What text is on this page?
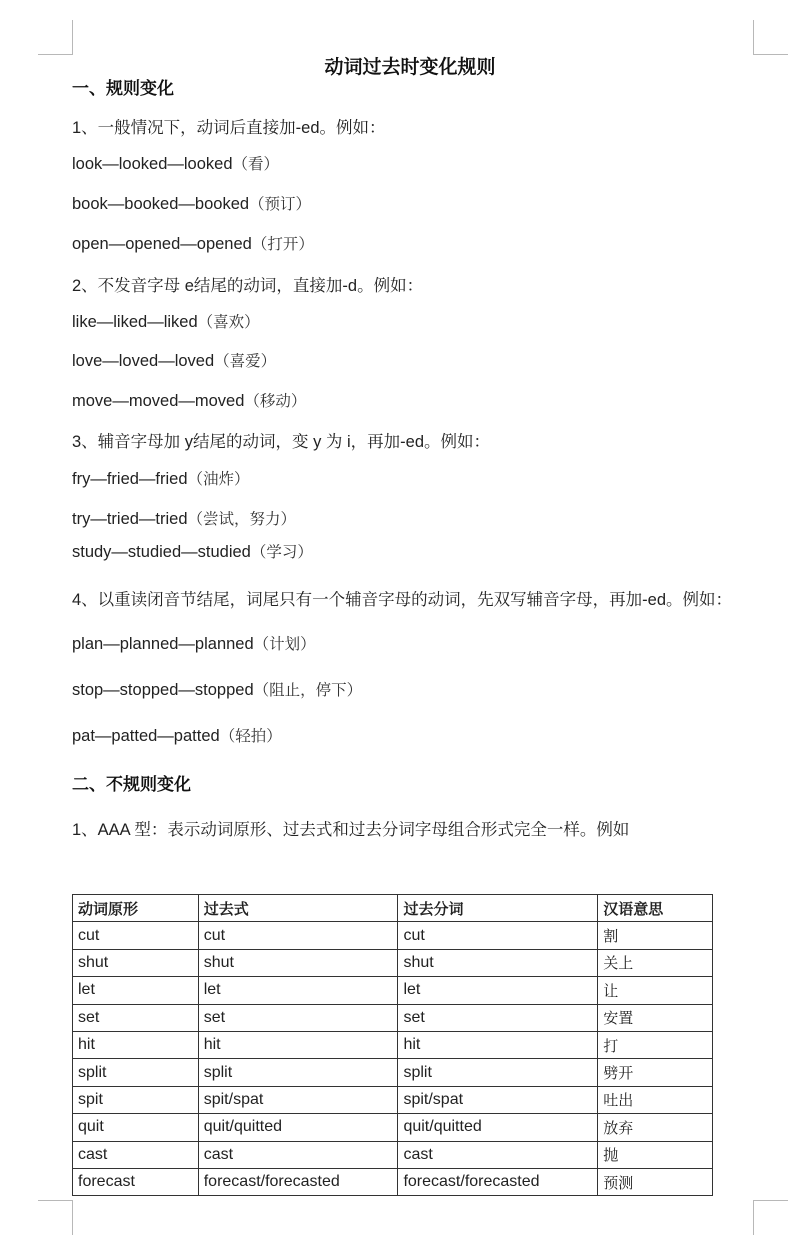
动词过去时变化规则
一、规则变化
1、一般情况下，动词后直接加-ed。例如：
look—looked—looked（看）
book—booked—booked（预订）
open—opened—opened（打开）
2、不发音字母 e结尾的动词，直接加-d。例如：
like—liked—liked（喜欢）
love—loved—loved（喜爱）
move—moved—moved（移动）
3、辅音字母加 y结尾的动词，变 y 为 i，再加-ed。例如：
fry—fried—fried（油炸）
try—tried—tried（尝试，努力）
study—studied—studied（学习）
4、以重读闭音节结尾，词尾只有一个辅音字母的动词，先双写辅音字母，再加-ed。例如：
plan—planned—planned（计划）
stop—stopped—stopped（阻止，停下）
pat—patted—patted（轻拍）
二、不规则变化
1、AAA 型：表示动词原形、过去式和过去分词字母组合形式完全一样。例如
动词原形	过去式	过去分词	汉语意思
cut	cut	cut	割
shut	shut	shut	关上
let	let	let	让
set	set	set	安置
hit	hit	hit	打
split	split	split	劈开
spit	spit/spat	spit/spat	吐出
quit	quit/quitted	quit/quitted	放弃
cast	cast	cast	抛
forecast	forecast/forecasted	forecast/forecasted	预测
